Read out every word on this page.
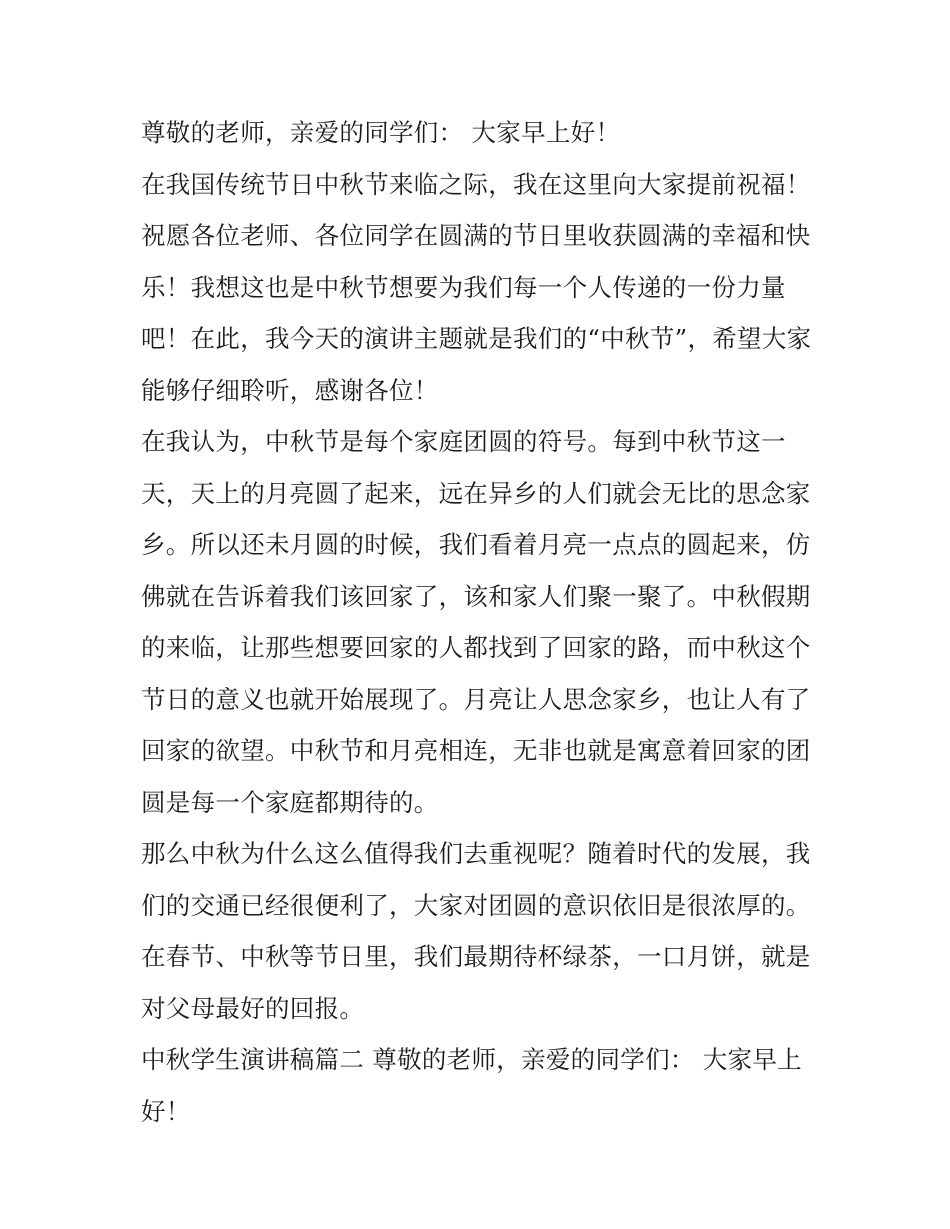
尊敬的老师，亲爱的同学们： 大家早上好！

在我国传统节日中秋节来临之际，我在这里向大家提前祝福！祝愿各位老师、各位同学在圆满的节日里收获圆满的幸福和快乐！我想这也是中秋节想要为我们每一个人传递的一份力量吧！在此，我今天的演讲主题就是我们的“中秋节”，希望大家能够仔细聆听，感谢各位！

在我认为，中秋节是每个家庭团圆的符号。每到中秋节这一天，天上的月亮圆了起来，远在异乡的人们就会无比的思念家乡。所以还未月圆的时候，我们看着月亮一点点的圆起来，仿佛就在告诉着我们该回家了，该和家人们聚一聚了。中秋假期的来临，让那些想要回家的人都找到了回家的路，而中秋这个节日的意义也就开始展现了。月亮让人思念家乡，也让人有了回家的欲望。中秋节和月亮相连，无非也就是寓意着回家的团圆是每一个家庭都期待的。

那么中秋为什么这么值得我们去重视呢？随着时代的发展，我们的交通已经很便利了，大家对团圆的意识依旧是很浓厚的。在春节、中秋等节日里，我们最期待杯绿茶，一口月饼，就是对父母最好的回报。

中秋学生演讲稿篇二 尊敬的老师，亲爱的同学们： 大家早上好！
